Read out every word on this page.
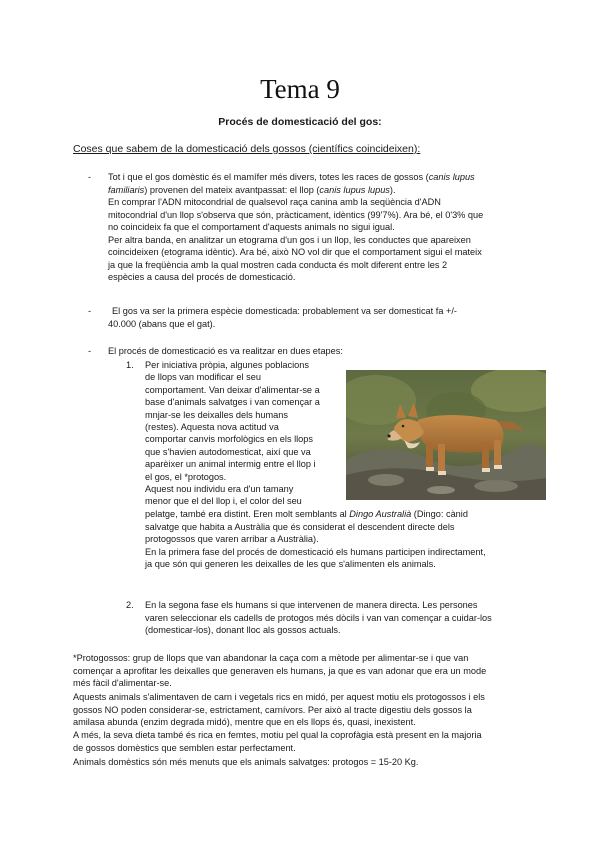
Tema 9
Procés de domesticació del gos:
Coses que sabem de la domesticació dels gossos (científics coincideixen):
- Tot i que el gos domèstic és el mamífer més divers, totes les races de gossos (canis lupus
familiaris) provenen del mateix avantpassat: el llop (canis lupus lupus).
En comprar l'ADN mitocondrial de qualsevol raça canina amb la seqüència d'ADN
mitocondrial d'un llop s'observa que són, pràcticament, idèntics (99'7%). Ara bé, el 0'3% que
no coincideix fa que el comportament d'aquests animals no sigui igual.
Per altra banda, en analitzar un etograma d'un gos i un llop, les conductes que apareixen
coincideixen (etograma idèntic). Ara bé, això NO vol dir que el comportament sigui el mateix
ja que la freqüència amb la qual mostren cada conducta és molt diferent entre les 2
espècies a causa del procés de domesticació.
- El gos va ser la primera espècie domesticada: probablement va ser domesticat fa +/-
40.000 (abans que el gat).
- El procés de domesticació es va realitzar en dues etapes:
1. Per iniciativa pròpia, algunes poblacions
de llops van modificar el seu
comportament. Van deixar d'alimentar-se a
base d'animals salvatges i van començar a
mnjar-se les deixalles dels humans
(restes). Aquesta nova actitud va
comportar canvis morfològics en els llops
que s'havien autodomesticat, així que va
aparèixer un animal intermig entre el llop i
el gos, el *protogos.
Aquest nou individu era d'un tamany
menor que el del llop i, el color del seu
pelatge, també era distint. Eren molt semblants al Dingo Australià (Dingo: cànid
salvatge que habita a Austràlia que és considerat el descendent directe dels
protogossos que varen arribar a Austràlia).
En la primera fase del procés de domesticació els humans participen indirectament,
ja que són qui generen les deixalles de les que s'alimenten els animals.
2. En la segona fase els humans si que intervenen de manera directa. Les persones
varen seleccionar els cadells de protogos més dòcils i van van començar a cuidar-los
(domesticar-los), donant lloc als gossos actuals.
*Protogossos: grup de llops que van abandonar la caça com a mètode per alimentar-se i que van
començar a aprofitar les deixalles que generaven els humans, ja que es van adonar que era un mode
més fàcil d'alimentar-se.
Aquests animals s'alimentaven de carn i vegetals rics en midó, per aquest motiu els protogossos i els
gossos NO poden considerar-se, estrictament, carnívors. Per això al tracte digestiu dels gossos la
amilasa abunda (enzim degrada midó), mentre que en els llops és, quasi, inexistent.
A més, la seva dieta també és rica en femtes, motiu pel qual la coprofàgia està present en la majoria
de gossos domèstics que semblen estar perfectament.
Animals domèstics són més menuts que els animals salvatges: protogos = 15-20 Kg.
